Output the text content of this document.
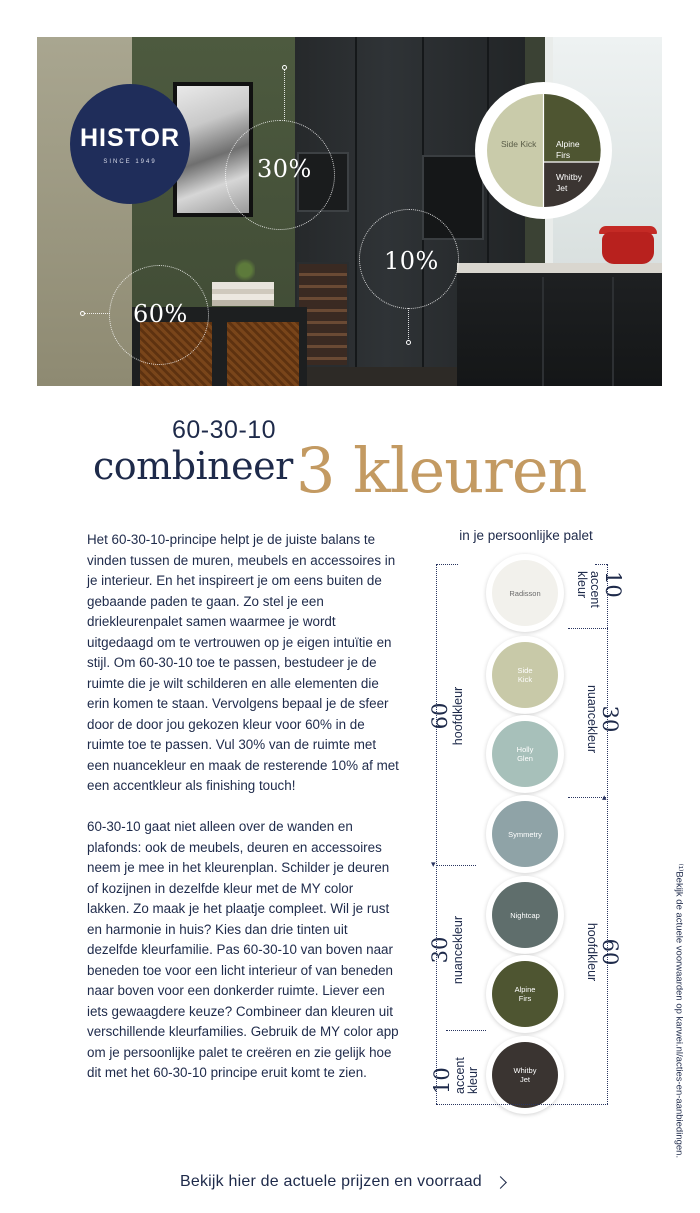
30%
10%
60%
HISTOR
SINCE 1949
Side Kick Alpine Firs
Whitby Jet
60-30-10
combineer 3 kleuren

Het 60-30-10-principe helpt je de juiste balans te vinden tussen de muren, meubels en accessoires in je interieur. En het inspireert je om eens buiten de gebaande paden te gaan. Zo stel je een driekleurenpalet samen waarmee je wordt uitgedaagd om te vertrouwen op je eigen intuïtie en stijl. Om 60-30-10 toe te passen, bestudeer je de ruimte die je wilt schilderen en alle elementen die erin komen te staan. Vervolgens bepaal je de sfeer door de door jou gekozen kleur voor 60% in de ruimte toe te passen. Vul 30% van de ruimte met een nuancekleur en maak de resterende 10% af met een accentkleur als finishing touch!

60-30-10 gaat niet alleen over de wanden en plafonds: ook de meubels, deuren en accessoires neem je mee in het kleurenplan. Schilder je deuren of kozijnen in dezelfde kleur met de MY color lakken. Zo maak je het plaatje compleet. Wil je rust en harmonie in huis? Kies dan drie tinten uit dezelfde kleurfamilie. Pas 60-30-10 van boven naar beneden toe voor een licht interieur of van beneden naar boven voor een donkerder ruimte. Liever een iets gewaagdere keuze? Combineer dan kleuren uit verschillende kleurfamilies. Gebruik de MY color app om je persoonlijke palet te creëren en zie gelijk hoe dit met het 60-30-10 principe eruit komt te zien.

in je persoonlijke palet
Radisson
Side
Kick
Holly
Glen
Symmetry
Nightcap
Alpine
Firs
Whitby
Jet
▾
▴
10
accent
kleur
30
nuancekleur
60
hoofdkleur
60 hoofdkleur
30 nuancekleur
10 accent kleur	⁽¹⁾Bekijk de actuele voorwaarden op karwei.nl/acties-en-aanbiedingen.
Bekijk hier de actuele prijzen en voorraad
